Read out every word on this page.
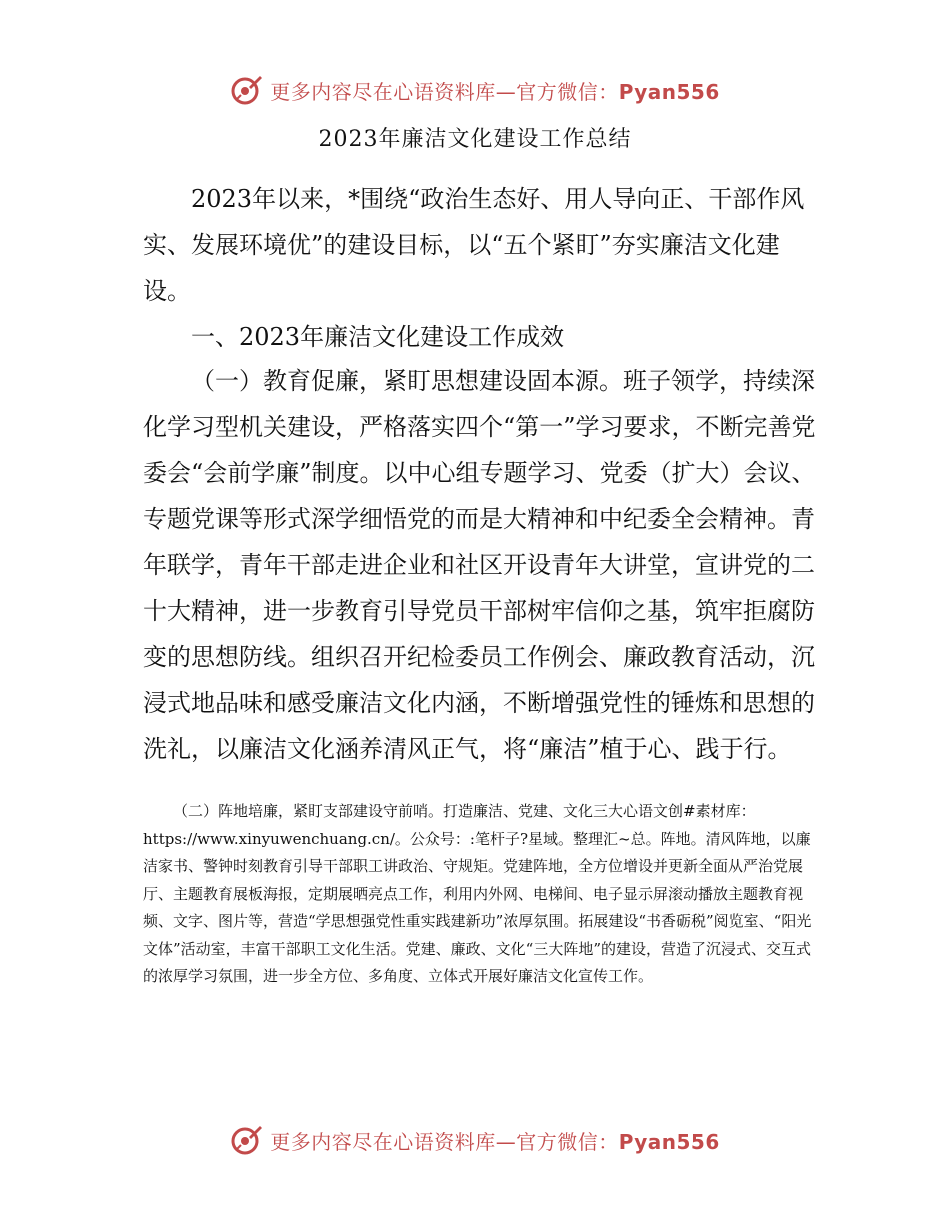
更多内容尽在心语资料库—官方微信：Pyan556
2023年廉洁文化建设工作总结

2023年以来，*围绕“政治生态好、用人导向正、干部作风实、发展环境优”的建设目标，以“五个紧盯”夯实廉洁文化建设。

一、2023年廉洁文化建设工作成效

（一）教育促廉，紧盯思想建设固本源。班子领学，持续深化学习型机关建设，严格落实四个“第一”学习要求，不断完善党委会“会前学廉”制度。以中心组专题学习、党委（扩大）会议、专题党课等形式深学细悟党的而是大精神和中纪委全会精神。青年联学，青年干部走进企业和社区开设青年大讲堂，宣讲党的二十大精神，进一步教育引导党员干部树牢信仰之基，筑牢拒腐防变的思想防线。组织召开纪检委员工作例会、廉政教育活动，沉浸式地品味和感受廉洁文化内涵，不断增强党性的锤炼和思想的洗礼，以廉洁文化涵养清风正气，将“廉洁”植于心、践于行。

（二）阵地培廉，紧盯支部建设守前哨。打造廉洁、党建、文化三大心语文创#素材库：https://www.xinyuwenchuang.cn/。公众号：:笔杆子?星域。整理汇~总。阵地。清风阵地，以廉洁家书、警钟时刻教育引导干部职工讲政治、守规矩。党建阵地，全方位增设并更新全面从严治党展厅、主题教育展板海报，定期展晒亮点工作，利用内外网、电梯间、电子显示屏滚动播放主题教育视频、文字、图片等，营造“学思想强党性重实践建新功”浓厚氛围。拓展建设“书香砺税”阅览室、“阳光文体”活动室，丰富干部职工文化生活。党建、廉政、文化“三大阵地”的建设，营造了沉浸式、交互式的浓厚学习氛围，进一步全方位、多角度、立体式开展好廉洁文化宣传工作。

更多内容尽在心语资料库—官方微信：Pyan556
